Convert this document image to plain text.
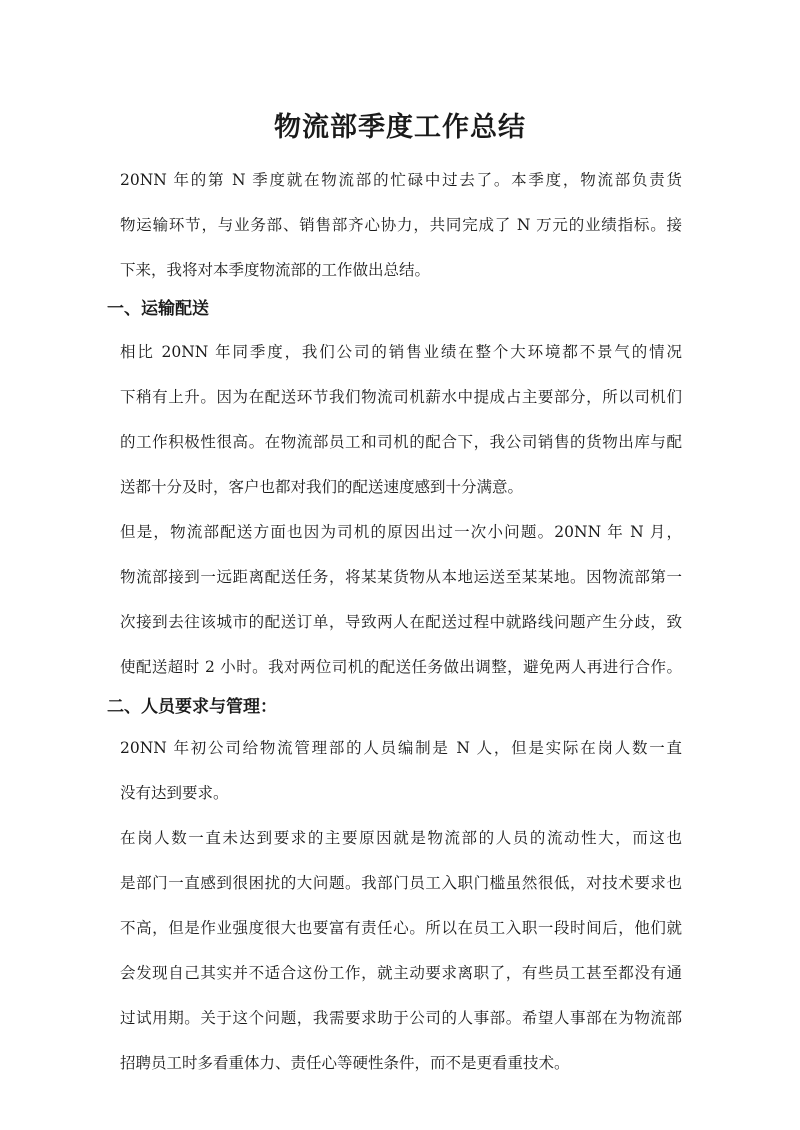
物流部季度工作总结
20NN 年的第 N 季度就在物流部的忙碌中过去了。本季度，物流部负责货
物运输环节，与业务部、销售部齐心协力，共同完成了 N 万元的业绩指标。接
下来，我将对本季度物流部的工作做出总结。
一、运输配送
相比 20NN 年同季度，我们公司的销售业绩在整个大环境都不景气的情况
下稍有上升。因为在配送环节我们物流司机薪水中提成占主要部分，所以司机们
的工作积极性很高。在物流部员工和司机的配合下，我公司销售的货物出库与配
送都十分及时，客户也都对我们的配送速度感到十分满意。
但是，物流部配送方面也因为司机的原因出过一次小问题。20NN 年 N 月，
物流部接到一远距离配送任务，将某某货物从本地运送至某某地。因物流部第一
次接到去往该城市的配送订单，导致两人在配送过程中就路线问题产生分歧，致
使配送超时 2 小时。我对两位司机的配送任务做出调整，避免两人再进行合作。
二、人员要求与管理：
20NN 年初公司给物流管理部的人员编制是 N 人，但是实际在岗人数一直
没有达到要求。
在岗人数一直未达到要求的主要原因就是物流部的人员的流动性大，而这也
是部门一直感到很困扰的大问题。我部门员工入职门槛虽然很低，对技术要求也
不高，但是作业强度很大也要富有责任心。所以在员工入职一段时间后，他们就
会发现自己其实并不适合这份工作，就主动要求离职了，有些员工甚至都没有通
过试用期。关于这个问题，我需要求助于公司的人事部。希望人事部在为物流部
招聘员工时多看重体力、责任心等硬性条件，而不是更看重技术。
